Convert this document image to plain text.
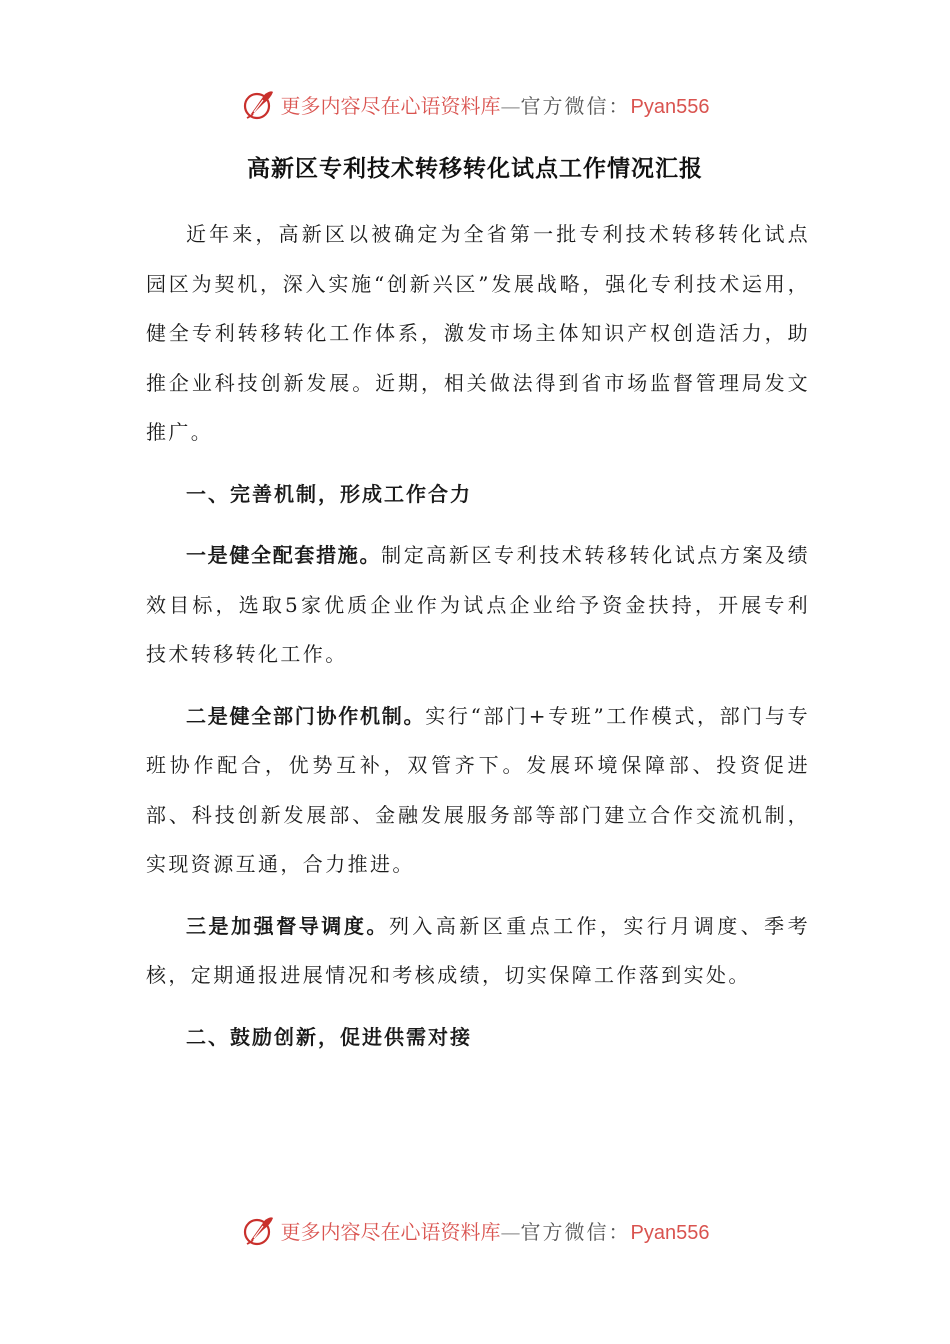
更多内容尽在心语资料库—官方微信：Pyan556
高新区专利技术转移转化试点工作情况汇报

近年来，高新区以被确定为全省第一批专利技术转移转化试点园区为契机，深入实施“创新兴区”发展战略，强化专利技术运用，健全专利转移转化工作体系，激发市场主体知识产权创造活力，助推企业科技创新发展。近期，相关做法得到省市场监督管理局发文推广。

一、完善机制，形成工作合力

一是健全配套措施。制定高新区专利技术转移转化试点方案及绩效目标，选取5家优质企业作为试点企业给予资金扶持，开展专利技术转移转化工作。

二是健全部门协作机制。实行“部门+专班”工作模式，部门与专班协作配合，优势互补，双管齐下。发展环境保障部、投资促进部、科技创新发展部、金融发展服务部等部门建立合作交流机制，实现资源互通，合力推进。

三是加强督导调度。列入高新区重点工作，实行月调度、季考核，定期通报进展情况和考核成绩，切实保障工作落到实处。

二、鼓励创新，促进供需对接

更多内容尽在心语资料库—官方微信：Pyan556
